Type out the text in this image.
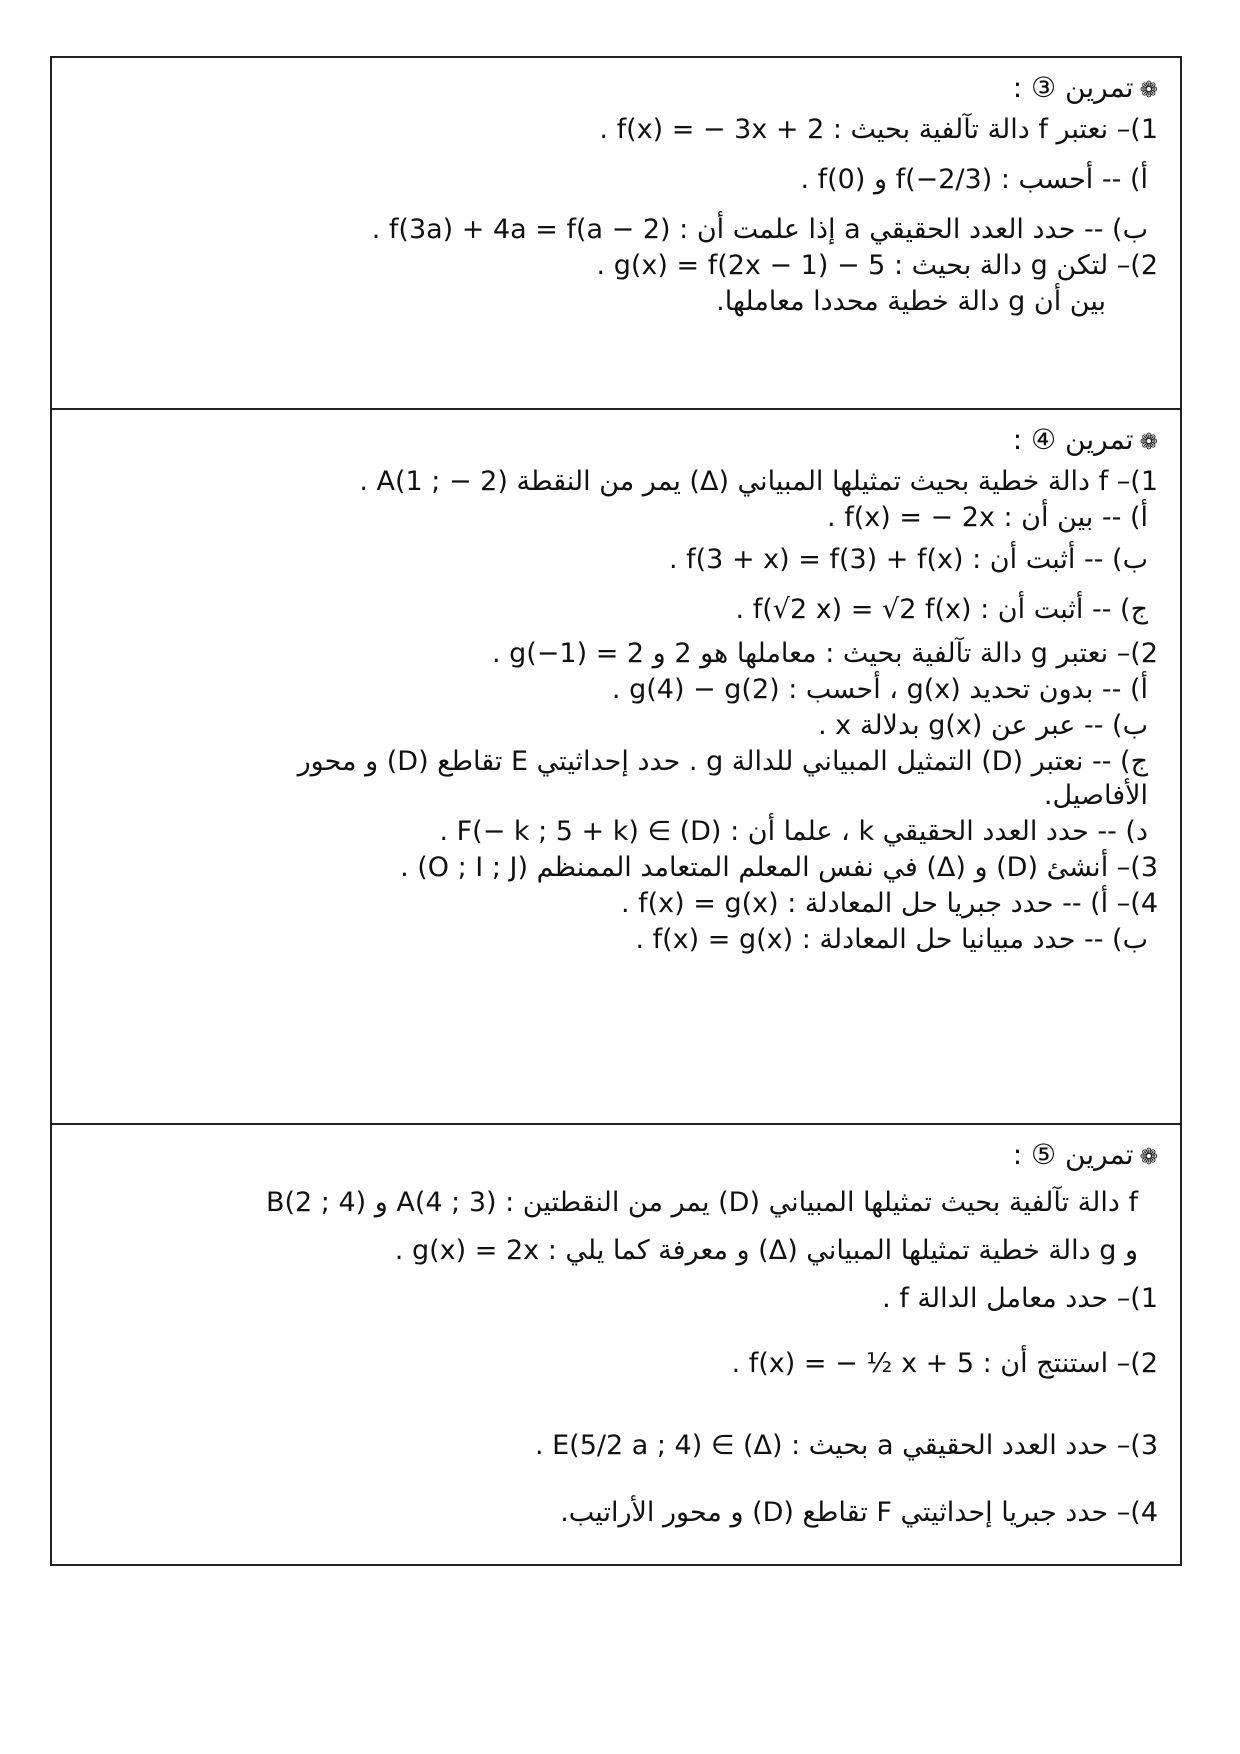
❁تمرين ③ :
1)– نعتبر f دالة تآلفية بحيث : f(x) = − 3x + 2 .
أ) -- أحسب : f(−2/3) و f(0) .
ب) -- حدد العدد الحقيقي a إذا علمت أن : f(3a) + 4a = f(a − 2) .
2)– لتكن g دالة بحيث : g(x) = f(2x − 1) − 5 .
بين أن g دالة خطية محددا معاملها.
❁تمرين ④ :
1)– f دالة خطية بحيث تمثيلها المبياني (Δ) يمر من النقطة A(1 ; − 2) .
أ) -- بين أن : f(x) = − 2x .
ب) -- أثبت أن : f(3 + x) = f(3) + f(x) .
ج) -- أثبت أن : f(√2 x) = √2 f(x) .
2)– نعتبر g دالة تآلفية بحيث : معاملها هو 2 و g(−1) = 2 .
أ) -- بدون تحديد g(x) ، أحسب : g(4) − g(2) .
ب) -- عبر عن g(x) بدلالة x .
ج) -- نعتبر (D) التمثيل المبياني للدالة g . حدد إحداثيتي E تقاطع (D) و محور الأفاصيل.
د) -- حدد العدد الحقيقي k ، علما أن : F(− k ; 5 + k) ∈ (D) .
3)– أنشئ (D) و (Δ) في نفس المعلم المتعامد الممنظم (O ; I ; J) .
4)– أ) -- حدد جبريا حل المعادلة : f(x) = g(x) .
ب) -- حدد مبيانيا حل المعادلة : f(x) = g(x) .
❁تمرين ⑤ :
f دالة تآلفية بحيث تمثيلها المبياني (D) يمر من النقطتين : A(4 ; 3) و B(2 ; 4)
و g دالة خطية تمثيلها المبياني (Δ) و معرفة كما يلي : g(x) = 2x .
1)– حدد معامل الدالة f .
2)– استنتج أن : f(x) = − ½ x + 5 .
3)– حدد العدد الحقيقي a بحيث : E(5/2 a ; 4) ∈ (Δ) .
4)– حدد جبريا إحداثيتي F تقاطع (D) و محور الأراتيب.
